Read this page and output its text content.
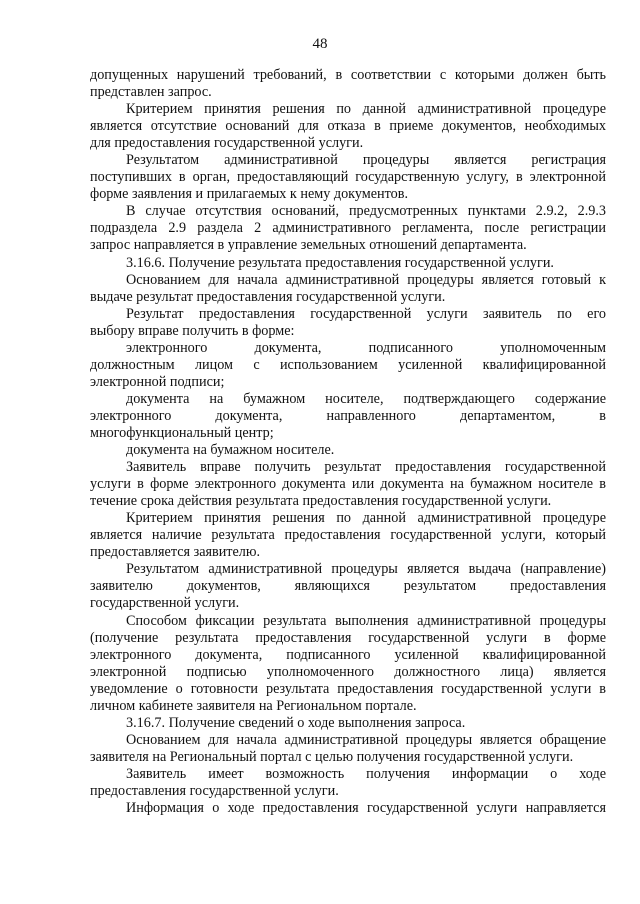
48
допущенных нарушений требований, в соответствии с которыми должен быть
представлен запрос.
Критерием принятия решения по данной административной процедуре
является отсутствие оснований для отказа в приеме документов, необходимых
для предоставления государственной услуги.
Результатом административной процедуры является регистрация
поступивших в орган, предоставляющий государственную услугу, в электронной
форме заявления и прилагаемых к нему документов.
В случае отсутствия оснований, предусмотренных пунктами 2.9.2, 2.9.3
подраздела 2.9 раздела 2 административного регламента, после регистрации
запрос направляется в управление земельных отношений департамента.
3.16.6. Получение результата предоставления государственной услуги.
Основанием для начала административной процедуры является готовый к
выдаче результат предоставления государственной услуги.
Результат предоставления государственной услуги заявитель по его
выбору вправе получить в форме:
электронного документа, подписанного уполномоченным
должностным лицом с использованием усиленной квалифицированной
электронной подписи;
документа на бумажном носителе, подтверждающего содержание
электронного документа, направленного департаментом, в
многофункциональный центр;
документа на бумажном носителе.
Заявитель вправе получить результат предоставления государственной
услуги в форме электронного документа или документа на бумажном носителе в
течение срока действия результата предоставления государственной услуги.
Критерием принятия решения по данной административной процедуре
является наличие результата предоставления государственной услуги, который
предоставляется заявителю.
Результатом административной процедуры является выдача (направление)
заявителю документов, являющихся результатом предоставления
государственной услуги.
Способом фиксации результата выполнения административной процедуры
(получение результата предоставления государственной услуги в форме
электронного документа, подписанного усиленной квалифицированной
электронной подписью уполномоченного должностного лица) является
уведомление о готовности результата предоставления государственной услуги в
личном кабинете заявителя на Региональном портале.
3.16.7. Получение сведений о ходе выполнения запроса.
Основанием для начала административной процедуры является обращение
заявителя на Региональный портал с целью получения государственной услуги.
Заявитель имеет возможность получения информации о ходе
предоставления государственной услуги.
Информация о ходе предоставления государственной услуги направляется
